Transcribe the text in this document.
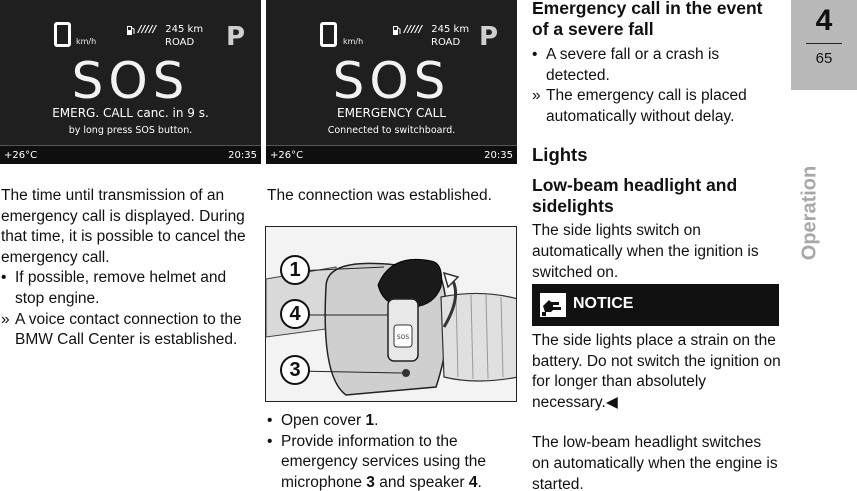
km/h
///// 245 km
ROAD P
SOS
EMERG. CALL canc. in 9 s.
by long press SOS button.
+26°C	20:35
km/h
///// 245 km
ROAD P
SOS
EMERGENCY CALL
Connected to switchboard.
+26°C	20:35

The time until transmission of an emergency call is displayed. During that time, it is possible to cancel the emergency call.

• If possible, remove helmet and stop engine.
» A voice contact connection to the BMW Call Center is established.
The connection was established.
SOS
1
4
3
• Open cover 1.
• Provide information to the emergency services using the microphone 3 and speaker 4.
Emergency call in the event of a severe fall
• A severe fall or a crash is detected.
» The emergency call is placed automatically without delay.
Lights
Low-beam headlight and sidelights

The side lights switch on automatically when the ignition is switched on.

NOTICE

The side lights place a strain on the battery. Do not switch the ignition on for longer than absolutely necessary.◀

The low-beam headlight switches on automatically when the engine is started.

4
65
Operation
